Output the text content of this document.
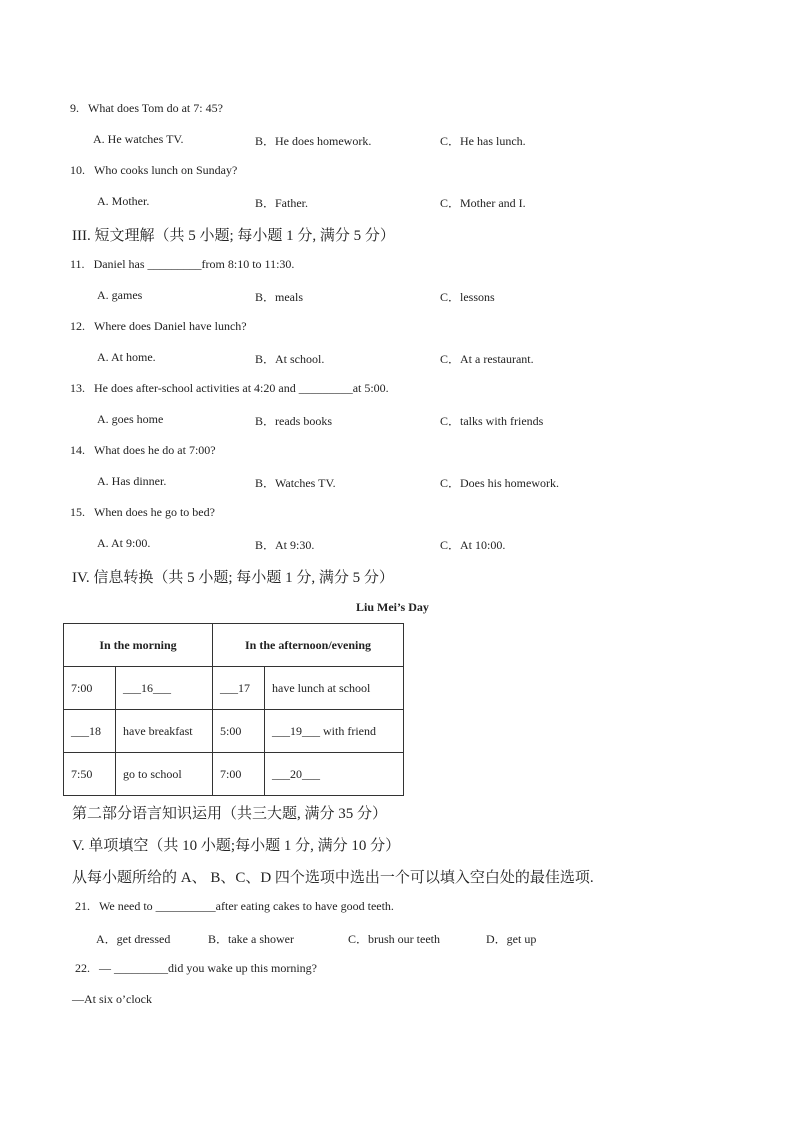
9. What does Tom do at 7: 45?
A. He watches TV.	B．He does homework.	C．He has lunch.
10. Who cooks lunch on Sunday?
A. Mother.	B．Father.	C．Mother and I.
III. 短文理解（共 5 小题; 每小题 1 分, 满分 5 分）
11. Daniel has _________from 8:10 to 11:30.
A. games	B．meals	C．lessons
12. Where does Daniel have lunch?
A. At home.	B．At school.	C．At a restaurant.
13. He does after-school activities at 4:20 and _________at 5:00.
A. goes home	B．reads books	C．talks with friends
14. What does he do at 7:00?
A. Has dinner.	B．Watches TV.	C．Does his homework.
15. When does he go to bed?
A. At 9:00.	B．At 9:30.	C．At 10:00.
IV. 信息转换（共 5 小题; 每小题 1 分, 满分 5 分）
Liu Mei’s Day
In the morning		In the afternoon/evening	
7:00	___16___	___17	have lunch at school
___18	have breakfast	5:00	___19___ with friend
7:50	go to school	7:00	___20___
第二部分语言知识运用（共三大题, 满分 35 分）
V. 单项填空（共 10 小题;每小题 1 分, 满分 10 分）
从每小题所给的 A、 B、C、D 四个选项中选出一个可以填入空白处的最佳选项.
21. We need to __________after eating cakes to have good teeth.
A．get dressed	B．take a shower	C．brush our teeth	D．get up
22.   — _________did you wake up this morning?
—At six o’clock
